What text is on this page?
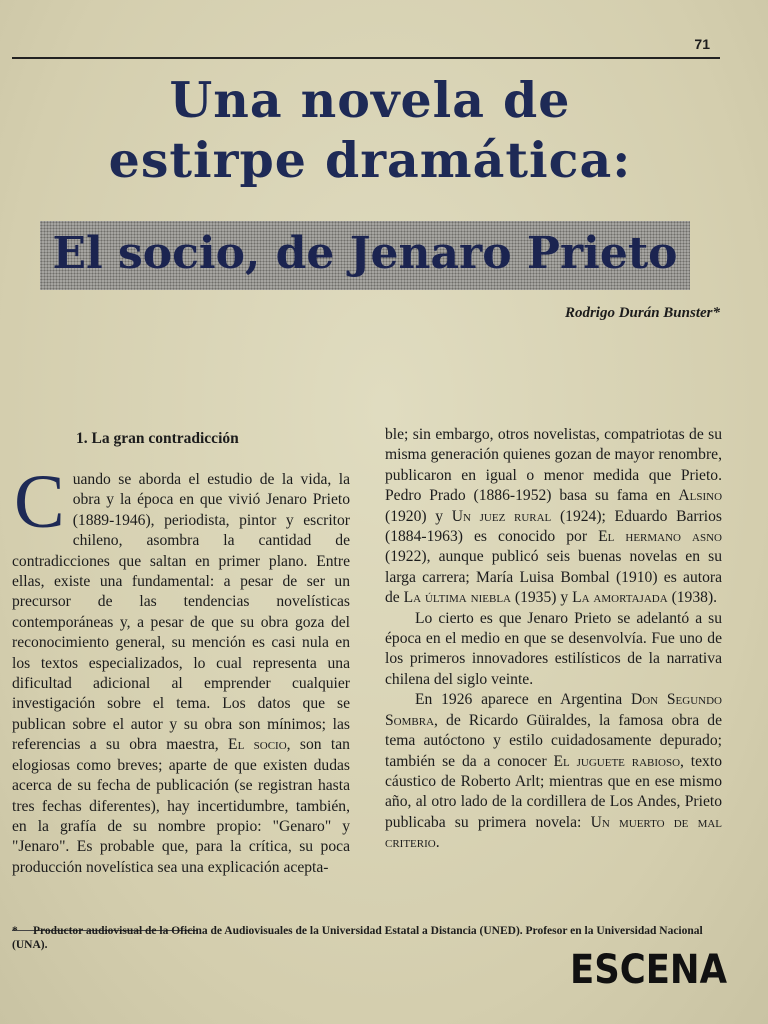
71
Una novela de
estirpe dramática:
El socio, de Jenaro Prieto
Rodrigo Durán Bunster*
1. La gran contradicción

Cuando se aborda el estudio de la vida, la obra y la época en que vivió Jenaro Prieto (1889-1946), periodista, pintor y escritor chileno, asombra la cantidad de contradicciones que saltan en primer plano. Entre ellas, existe una fundamental: a pesar de ser un precursor de las tendencias novelísticas contemporáneas y, a pesar de que su obra goza del reconocimiento general, su mención es casi nula en los textos especializados, lo cual representa una dificultad adicional al emprender cualquier investigación sobre el tema. Los datos que se publican sobre el autor y su obra son mínimos; las referencias a su obra maestra, El socio, son tan elogiosas como breves; aparte de que existen dudas acerca de su fecha de publicación (se registran hasta tres fechas diferentes), hay incertidumbre, también, en la grafía de su nombre propio: "Genaro" y "Jenaro". Es probable que, para la crítica, su poca producción novelística sea una explicación acepta-

ble; sin embargo, otros novelistas, compatriotas de su misma generación quienes gozan de mayor renombre, publicaron en igual o menor medida que Prieto. Pedro Prado (1886-1952) basa su fama en Alsino (1920) y Un juez rural (1924); Eduardo Barrios (1884-1963) es conocido por El hermano asno (1922), aunque publicó seis buenas novelas en su larga carrera; María Luisa Bombal (1910) es autora de La última niebla (1935) y La amortajada (1938).

Lo cierto es que Jenaro Prieto se adelantó a su época en el medio en que se desenvolvía. Fue uno de los primeros innovadores estilísticos de la narrativa chilena del siglo veinte.

En 1926 aparece en Argentina Don Segundo Sombra, de Ricardo Güiraldes, la famosa obra de tema autóctono y estilo cuidadosamente depurado; también se da a conocer El juguete rabioso, texto cáustico de Roberto Arlt; mientras que en ese mismo año, al otro lado de la cordillera de Los Andes, Prieto publicaba su primera novela: Un muerto de mal criterio.

* Productor audiovisual de la Oficina de Audiovisuales de la Universidad Estatal a Distancia (UNED). Profesor en la Universidad Nacional (UNA).
ESCENA
